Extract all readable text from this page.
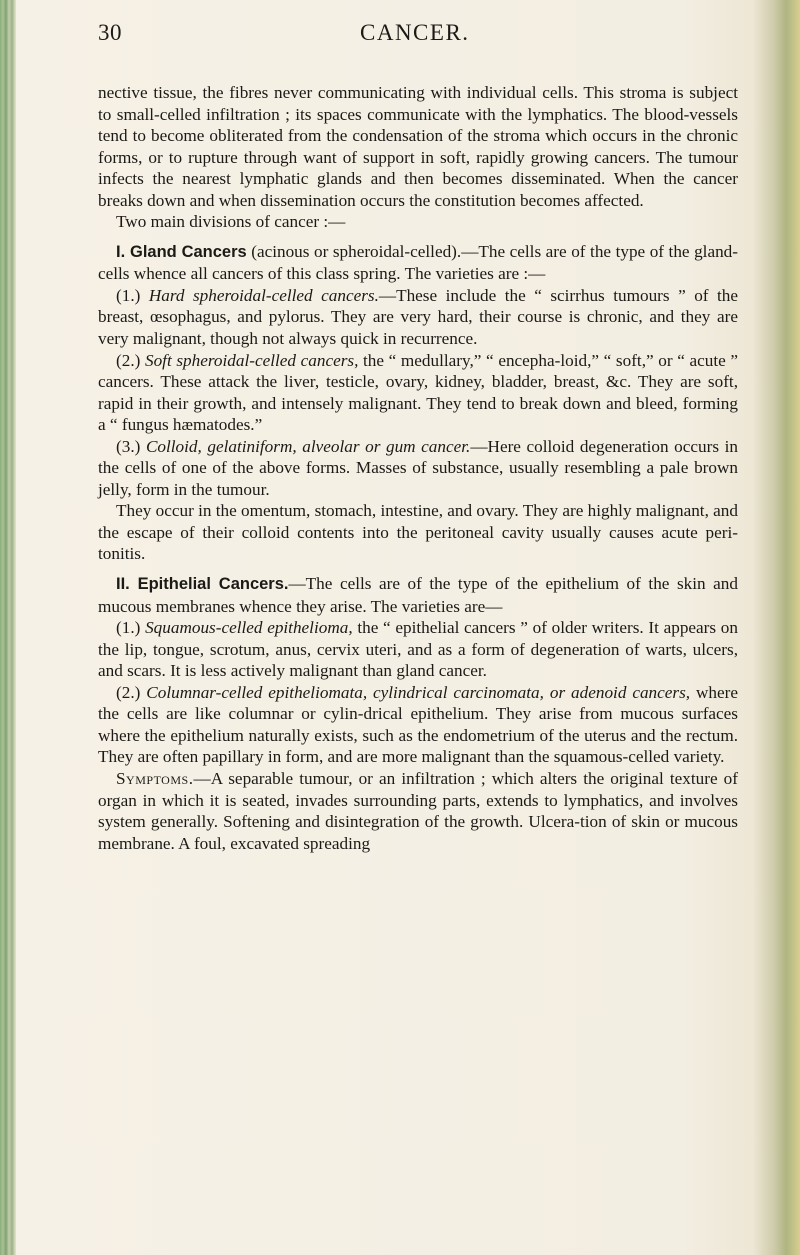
30	CANCER.

nective tissue, the fibres never communicating with individual cells. This stroma is subject to small-celled infiltration ; its spaces communicate with the lymphatics. The blood-vessels tend to become obliterated from the condensation of the stroma which occurs in the chronic forms, or to rupture through want of support in soft, rapidly growing cancers. The tumour infects the nearest lymphatic glands and then becomes disseminated. When the cancer breaks down and when dissemination occurs the constitution becomes affected.

Two main divisions of cancer :—

I. Gland Cancers (acinous or spheroidal-celled).—The cells are of the type of the gland-cells whence all cancers of this class spring. The varieties are :—

(1.) Hard spheroidal-celled cancers.—These include the “ scirrhus tumours ” of the breast, œsophagus, and pylorus. They are very hard, their course is chronic, and they are very malignant, though not always quick in recurrence.

(2.) Soft spheroidal-celled cancers, the “ medullary,” “ encepha-loid,” “ soft,” or “ acute ” cancers. These attack the liver, testicle, ovary, kidney, bladder, breast, &c. They are soft, rapid in their growth, and intensely malignant. They tend to break down and bleed, forming a “ fungus hæmatodes.”

(3.) Colloid, gelatiniform, alveolar or gum cancer.—Here colloid degeneration occurs in the cells of one of the above forms. Masses of substance, usually resembling a pale brown jelly, form in the tumour.

They occur in the omentum, stomach, intestine, and ovary. They are highly malignant, and the escape of their colloid contents into the peritoneal cavity usually causes acute peri-tonitis.

II. Epithelial Cancers.—The cells are of the type of the epithelium of the skin and mucous membranes whence they arise. The varieties are—

(1.) Squamous-celled epithelioma, the “ epithelial cancers ” of older writers. It appears on the lip, tongue, scrotum, anus, cervix uteri, and as a form of degeneration of warts, ulcers, and scars. It is less actively malignant than gland cancer.

(2.) Columnar-celled epitheliomata, cylindrical carcinomata, or adenoid cancers, where the cells are like columnar or cylin-drical epithelium. They arise from mucous surfaces where the epithelium naturally exists, such as the endometrium of the uterus and the rectum. They are often papillary in form, and are more malignant than the squamous-celled variety.

Symptoms.—A separable tumour, or an infiltration ; which alters the original texture of organ in which it is seated, invades surrounding parts, extends to lymphatics, and involves system generally. Softening and disintegration of the growth. Ulcera-tion of skin or mucous membrane. A foul, excavated spreading
